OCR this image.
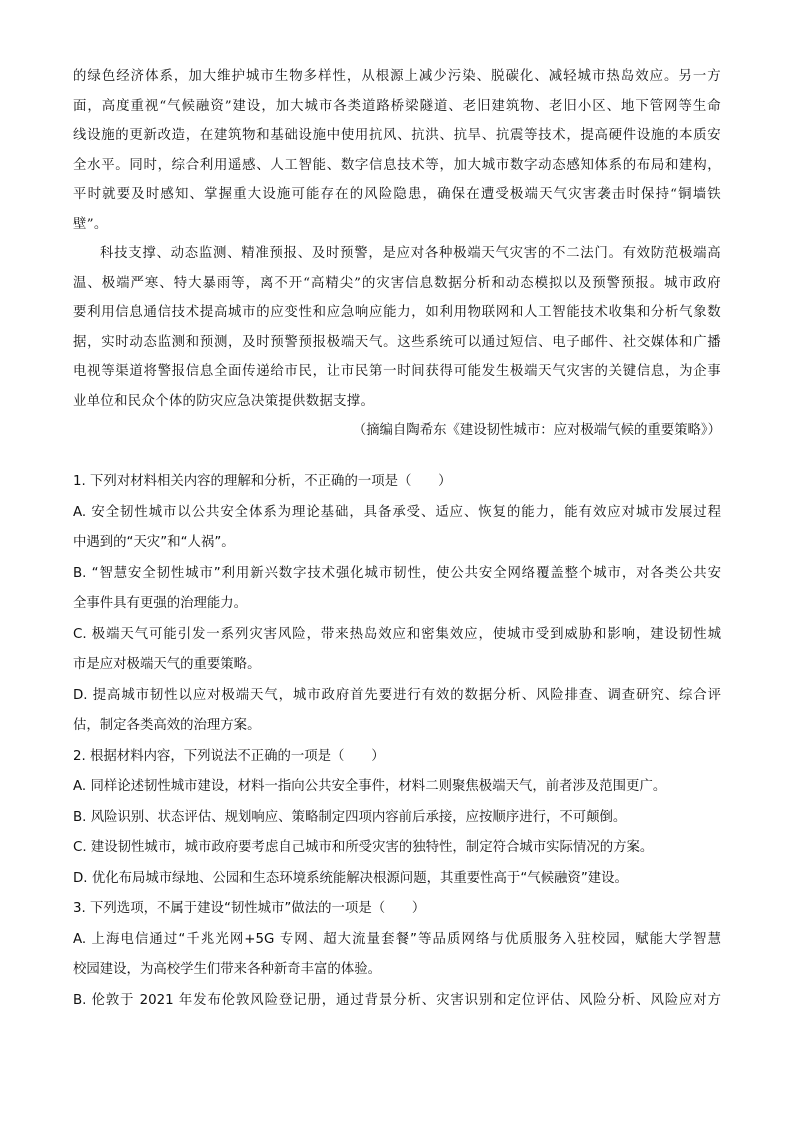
的绿色经济体系，加大维护城市生物多样性，从根源上减少污染、脱碳化、减轻城市热岛效应。另一方

面，高度重视“气候融资”建设，加大城市各类道路桥梁隧道、老旧建筑物、老旧小区、地下管网等生命

线设施的更新改造，在建筑物和基础设施中使用抗风、抗洪、抗旱、抗震等技术，提高硬件设施的本质安

全水平。同时，综合利用遥感、人工智能、数字信息技术等，加大城市数字动态感知体系的布局和建构，

平时就要及时感知、掌握重大设施可能存在的风险隐患，确保在遭受极端天气灾害袭击时保持“铜墙铁

壁”。

科技支撑、动态监测、精准预报、及时预警，是应对各种极端天气灾害的不二法门。有效防范极端高

温、极端严寒、特大暴雨等，离不开“高精尖”的灾害信息数据分析和动态模拟以及预警预报。城市政府

要利用信息通信技术提高城市的应变性和应急响应能力，如利用物联网和人工智能技术收集和分析气象数

据，实时动态监测和预测，及时预警预报极端天气。这些系统可以通过短信、电子邮件、社交媒体和广播

电视等渠道将警报信息全面传递给市民，让市民第一时间获得可能发生极端天气灾害的关键信息，为企事

业单位和民众个体的防灾应急决策提供数据支撑。

（摘编自陶希东《建设韧性城市：应对极端气候的重要策略》）

1. 下列对材料相关内容的理解和分析，不正确的一项是（　　）

A. 安全韧性城市以公共安全体系为理论基础，具备承受、适应、恢复的能力，能有效应对城市发展过程

中遇到的“天灾”和“人祸”。

B. “智慧安全韧性城市”利用新兴数字技术强化城市韧性，使公共安全网络覆盖整个城市，对各类公共安

全事件具有更强的治理能力。

C. 极端天气可能引发一系列灾害风险，带来热岛效应和密集效应，使城市受到威胁和影响，建设韧性城

市是应对极端天气的重要策略。

D. 提高城市韧性以应对极端天气，城市政府首先要进行有效的数据分析、风险排查、调查研究、综合评

估，制定各类高效的治理方案。

2. 根据材料内容，下列说法不正确的一项是（　　）

A. 同样论述韧性城市建设，材料一指向公共安全事件，材料二则聚焦极端天气，前者涉及范围更广。

B. 风险识别、状态评估、规划响应、策略制定四项内容前后承接，应按顺序进行，不可颠倒。

C. 建设韧性城市，城市政府要考虑自己城市和所受灾害的独特性，制定符合城市实际情况的方案。

D. 优化布局城市绿地、公园和生态环境系统能解决根源问题，其重要性高于“气候融资”建设。

3. 下列选项，不属于建设“韧性城市”做法的一项是（　　）

A. 上海电信通过“千兆光网+5G 专网、超大流量套餐”等品质网络与优质服务入驻校园，赋能大学智慧

校园建设，为高校学生们带来各种新奇丰富的体验。

B. 伦敦于 2021 年发布伦敦风险登记册，通过背景分析、灾害识别和定位评估、风险分析、风险应对方
